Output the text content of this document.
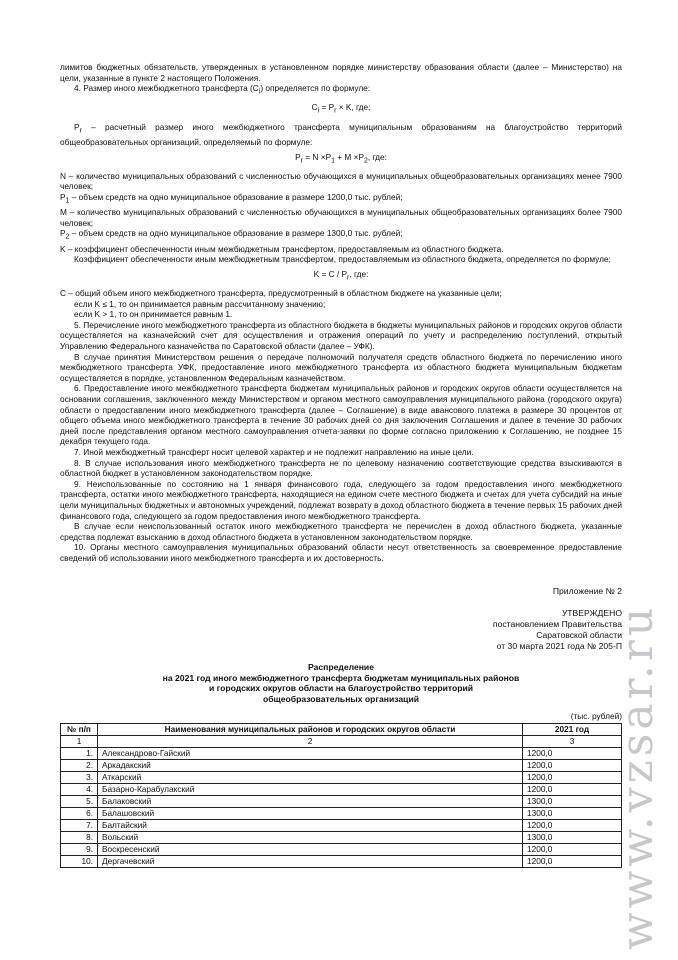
лимитов бюджетных обязательств, утвержденных в установленном порядке министерству образования области (далее – Министерство) на цели, указанные в пункте 2 настоящего Положения.

4. Размер иного межбюджетного трансферта $(С_i)$ определяется по формуле:

$C_i = P_r \times K$, где:

$P_r$ – расчетный размер иного межбюджетного трансферта муниципальным образованиям на благоустройство территорий общеобразовательных организаций, определяемый по формуле:

$P_r = N \times P_1 + M \times P_2$, где:

N – количество муниципальных образований с численностью обучающихся в муниципальных общеобразовательных организациях менее 7900 человек;

$P_1$ – объем средств на одно муниципальное образование в размере 1200,0 тыс. рублей;

M – количество муниципальных образований с численностью обучающихся в муниципальных общеобразовательных организациях более 7900 человек;

$P_2$ – объем средств на одно муниципальное образование в размере 1300,0 тыс. рублей;

K – коэффициент обеспеченности иным межбюджетным трансфертом, предоставляемым из областного бюджета.

Коэффициент обеспеченности иным межбюджетным трансфертом, предоставляемым из областного бюджета, определяется по формуле:

$K = C / P_r$, где:

C – общий объем иного межбюджетного трансферта, предусмотренный в областном бюджете на указанные цели;

если K ≤ 1, то он принимается равным рассчитанному значению;

если K > 1, то он принимается равным 1.

5. Перечисление иного межбюджетного трансферта из областного бюджета в бюджеты муниципальных районов и городских округов области осуществляется на казначейский счет для осуществления и отражения операций по учету и распределению поступлений, открытый Управлению Федерального казначейства по Саратовской области (далее – УФК).

В случае принятия Министерством решения о передаче полномочий получателя средств областного бюджета по перечислению иного межбюджетного трансферта УФК, предоставление иного межбюджетного трансферта из областного бюджета муниципальным бюджетам осуществляется в порядке, установленном Федеральным казначейством.

6. Предоставление иного межбюджетного трансферта бюджетам муниципальных районов и городских округов области осуществляется на основании соглашения, заключенного между Министерством и органом местного самоуправления муниципального района (городского округа) области о предоставлении иного межбюджетного трансферта (далее – Соглашение) в виде авансового платежа в размере 30 процентов от общего объема иного межбюджетного трансферта в течение 30 рабочих дней со дня заключения Соглашения и далее в течение 30 рабочих дней после представления органом местного самоуправления отчета-заявки по форме согласно приложению к Соглашению, не позднее 15 декабря текущего года.

7. Иной межбюджетный трансферт носит целевой характер и не подлежит направлению на иные цели.

8. В случае использования иного межбюджетного трансферта не по целевому назначению соответствующие средства взыскиваются в областной бюджет в установленном законодательством порядке.

9. Неиспользованные по состоянию на 1 января финансового года, следующего за годом предоставления иного межбюджетного трансферта, остатки иного межбюджетного трансферта, находящиеся на едином счете местного бюджета и счетах для учета субсидий на иные цели муниципальных бюджетных и автономных учреждений, подлежат возврату в доход областного бюджета в течение первых 15 рабочих дней финансового года, следующего за годом предоставления иного межбюджетного трансферта.

В случае если неиспользованный остаток иного межбюджетного трансферта не перечислен в доход областного бюджета, указанные средства подлежат взысканию в доход областного бюджета в установленном законодательством порядке.

10. Органы местного самоуправления муниципальных образований области несут ответственность за своевременное предоставление сведений об использовании иного межбюджетного трансферта и их достоверность.

Приложение № 2
УТВЕРЖДЕНО
постановлением Правительства
Саратовской области
от 30 марта 2021 года № 205-П
Распределение
на 2021 год иного межбюджетного трансферта бюджетам муниципальных районов
и городских округов области на благоустройство территорий
общеобразовательных организаций
(тыс. рублей)
№ п/п	Наименования муниципальных районов и городских округов области	2021 год
1	2	3
1.	Александрово-Гайский	1200,0
2.	Аркадакский	1200,0
3.	Аткарский	1200,0
4.	Базарно-Карабулакский	1200,0
5.	Балаковский	1300,0
6.	Балашовский	1300,0
7.	Балтайский	1200,0
8.	Вольский	1300,0
9.	Воскресенский	1200,0
10.	Дергачевский	1200,0 www.vzsar.ru
